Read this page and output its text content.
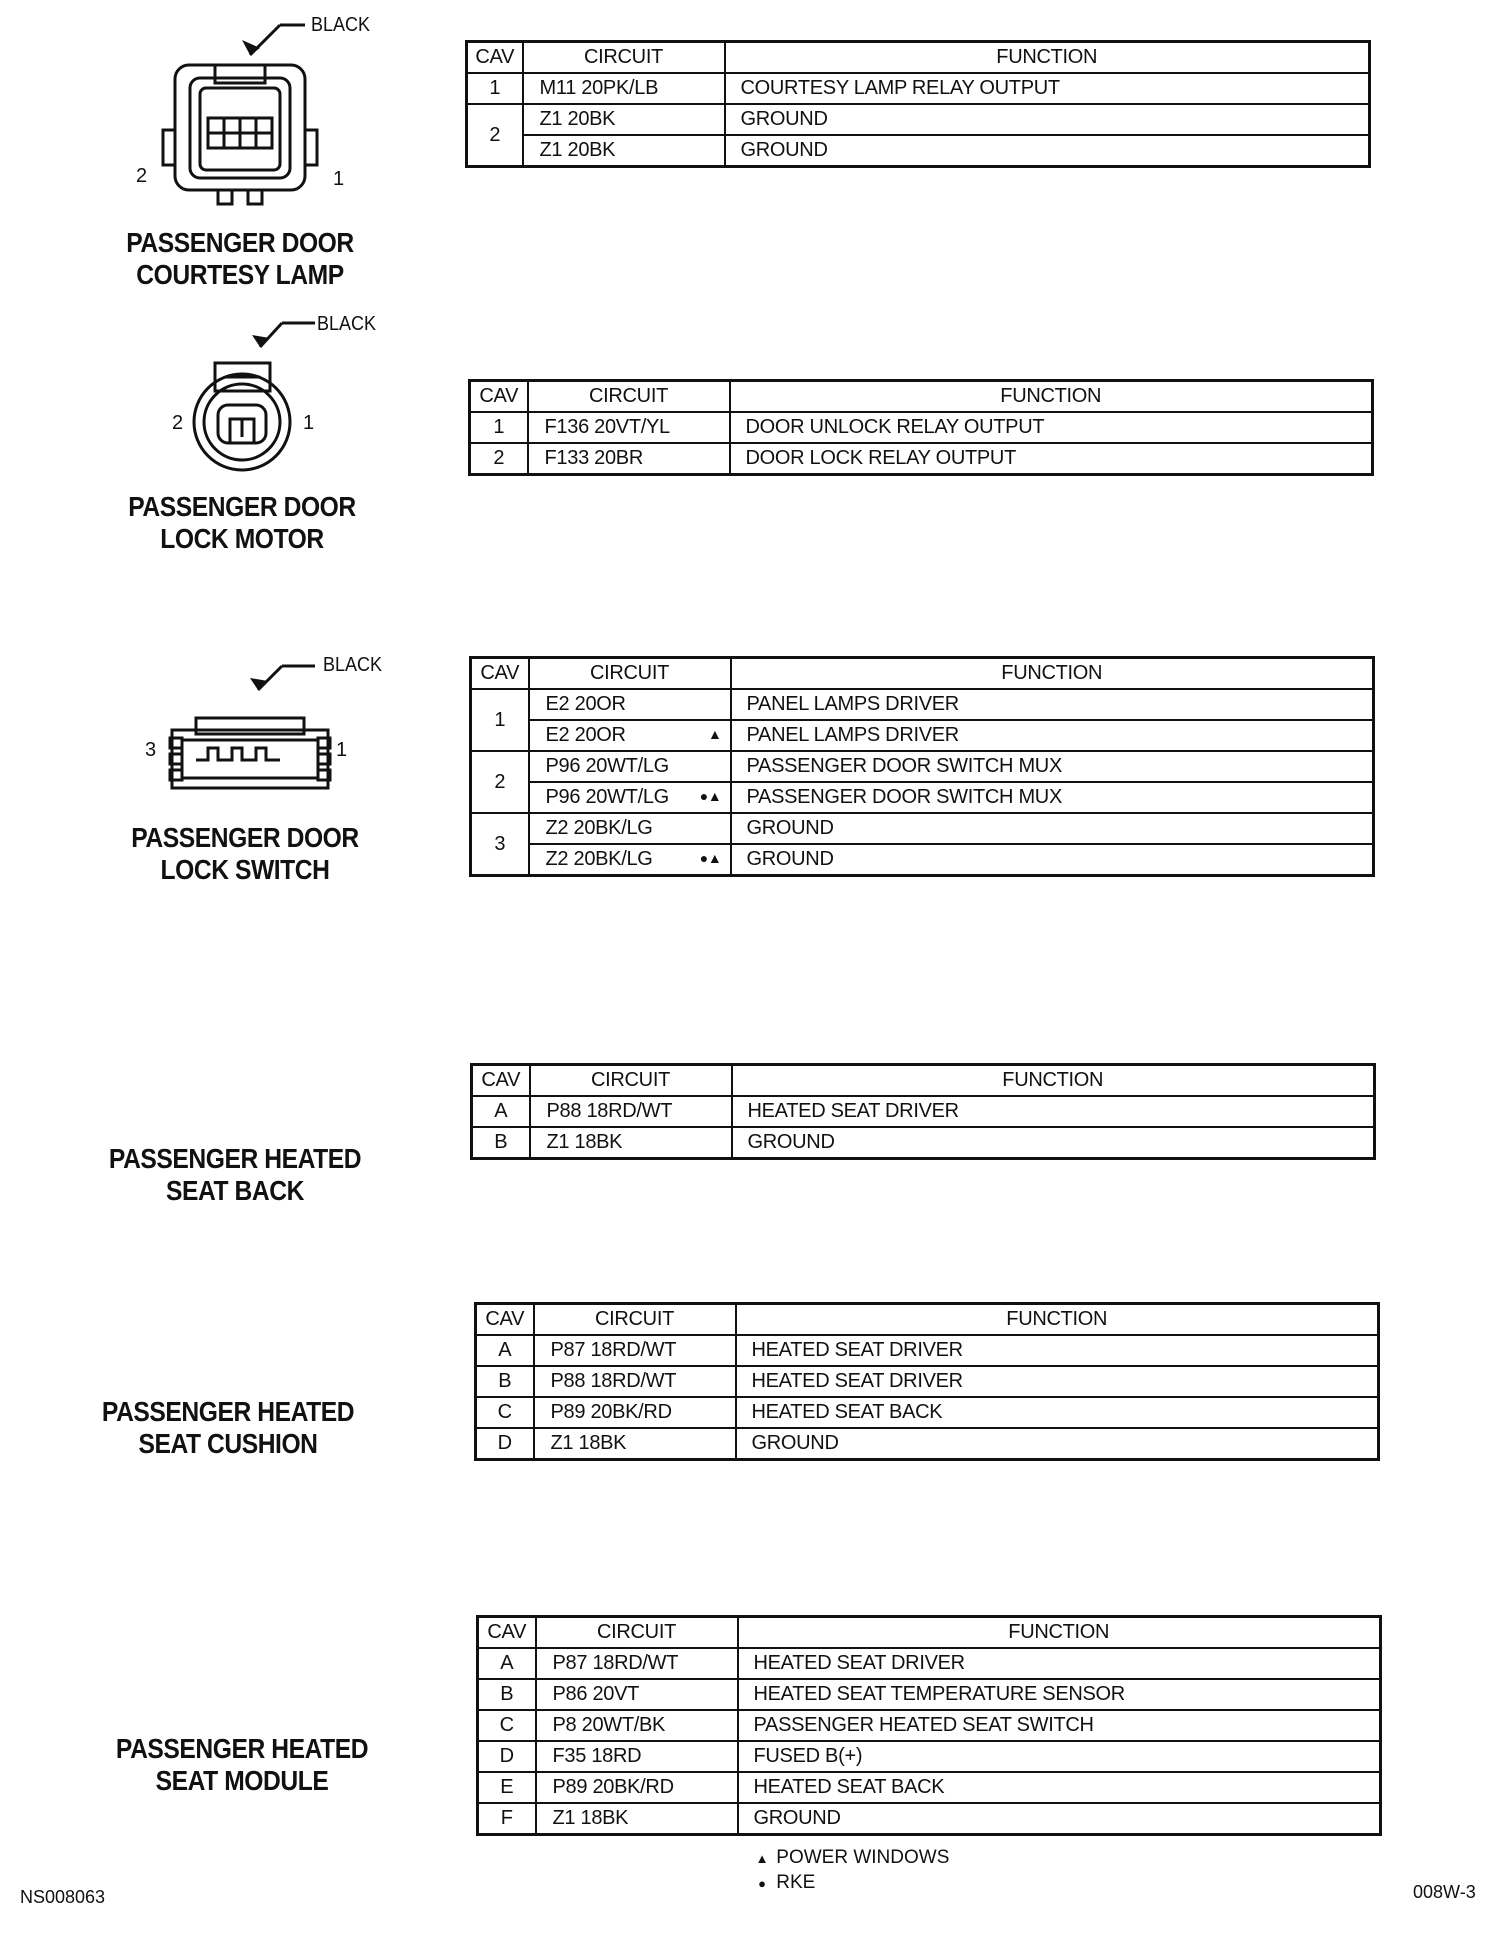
BLACK
2	1
PASSENGER DOOR
COURTESY LAMP
CAV	CIRCUIT	FUNCTION
1	M11 20PK/LB	COURTESY LAMP RELAY OUTPUT
2	Z1 20BK	GROUND
	Z1 20BK	GROUND
BLACK
2	1
PASSENGER DOOR
LOCK MOTOR
CAV	CIRCUIT	FUNCTION
1	F136 20VT/YL	DOOR UNLOCK RELAY OUTPUT
2	F133 20BR	DOOR LOCK RELAY OUTPUT
BLACK
3	1
PASSENGER DOOR
LOCK SWITCH
CAV	CIRCUIT	FUNCTION
1	E2 20OR	PANEL LAMPS DRIVER
	E2 20OR ▲	PANEL LAMPS DRIVER
2	P96 20WT/LG	PASSENGER DOOR SWITCH MUX
	P96 20WT/LG ●▲	PASSENGER DOOR SWITCH MUX
3	Z2 20BK/LG	GROUND
	Z2 20BK/LG ●▲	GROUND
PASSENGER HEATED
SEAT BACK
CAV	CIRCUIT	FUNCTION
A	P88 18RD/WT	HEATED SEAT DRIVER
B	Z1 18BK	GROUND
PASSENGER HEATED
SEAT CUSHION
CAV	CIRCUIT	FUNCTION
A	P87 18RD/WT	HEATED SEAT DRIVER
B	P88 18RD/WT	HEATED SEAT DRIVER
C	P89 20BK/RD	HEATED SEAT BACK
D	Z1 18BK	GROUND
PASSENGER HEATED
SEAT MODULE
CAV	CIRCUIT	FUNCTION
A	P87 18RD/WT	HEATED SEAT DRIVER
B	P86 20VT	HEATED SEAT TEMPERATURE SENSOR
C	P8 20WT/BK	PASSENGER HEATED SEAT SWITCH
D	F35 18RD	FUSED B(+)
E	P89 20BK/RD	HEATED SEAT BACK
F	Z1 18BK	GROUND
▲ POWER WINDOWS
● RKE
NS008063	008W-3
